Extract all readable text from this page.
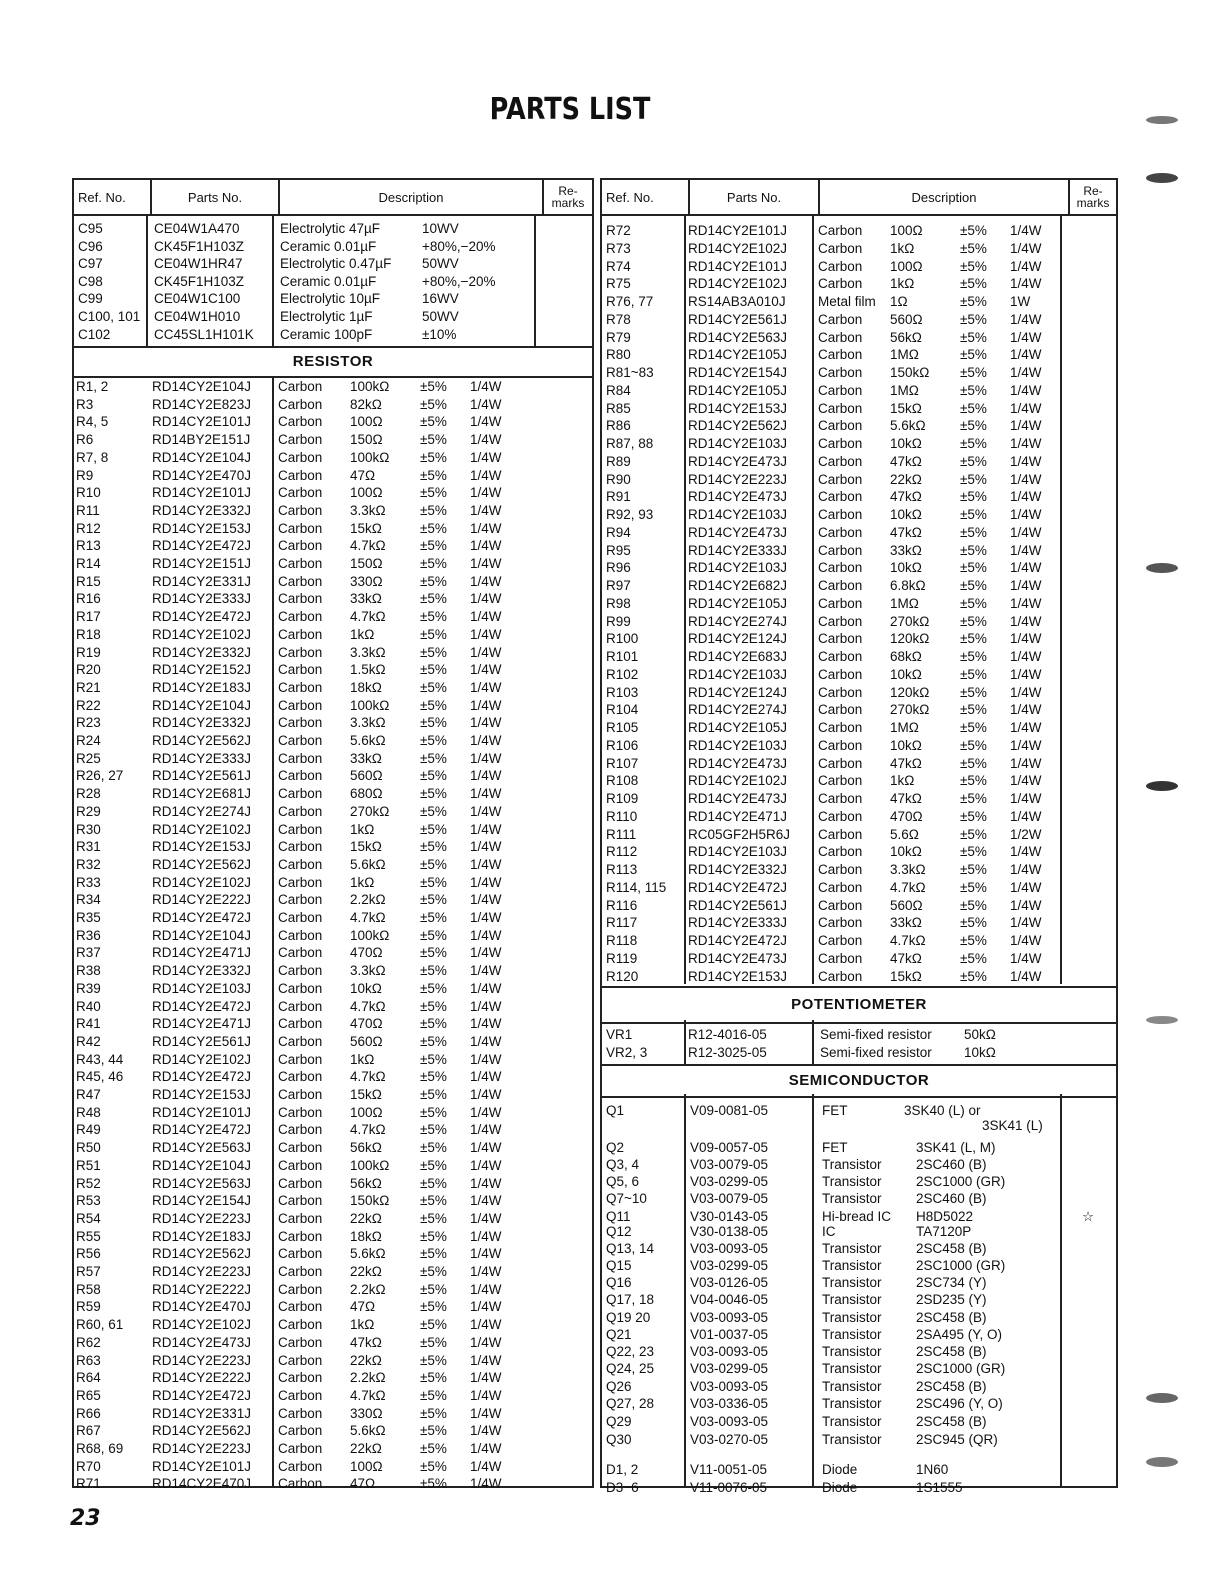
PARTS LIST
Ref. No.	Parts No.	Description	Re-
marks
C95	CE04W1A470	Electrolytic 47µF	10WV
C96	CK45F1H103Z	Ceramic 0.01µF	+80%,−20%
C97	CE04W1HR47	Electrolytic 0.47µF 50WV
C98	CK45F1H103Z	Ceramic 0.01µF	+80%,−20%
C99	CE04W1C100	Electrolytic 10µF	16WV
C100, 101 CE04W1H010	Electrolytic 1µF	50WV
C102	CC45SL1H101K Ceramic 100pF	±10%
RESISTOR
R1, 2	RD14CY2E104J Carbon 100kΩ ±5% 1/4W
R3	RD14CY2E823J Carbon 82kΩ	±5% 1/4W
R4, 5	RD14CY2E101J Carbon 100Ω	±5% 1/4W
R6	RD14BY2E151J Carbon 150Ω	±5% 1/4W
R7, 8	RD14CY2E104J Carbon 100kΩ ±5% 1/4W
R9	RD14CY2E470J Carbon 47Ω	±5% 1/4W
R10	RD14CY2E101J Carbon 100Ω	±5% 1/4W
R11	RD14CY2E332J Carbon 3.3kΩ	±5% 1/4W
R12	RD14CY2E153J Carbon 15kΩ	±5% 1/4W
R13	RD14CY2E472J Carbon 4.7kΩ	±5% 1/4W
R14	RD14CY2E151J Carbon 150Ω	±5% 1/4W
R15	RD14CY2E331J Carbon 330Ω	±5% 1/4W
R16	RD14CY2E333J Carbon 33kΩ	±5% 1/4W
R17	RD14CY2E472J Carbon 4.7kΩ	±5% 1/4W
R18	RD14CY2E102J Carbon 1kΩ	±5% 1/4W
R19	RD14CY2E332J Carbon 3.3kΩ	±5% 1/4W
R20	RD14CY2E152J Carbon 1.5kΩ	±5% 1/4W
R21	RD14CY2E183J Carbon 18kΩ	±5% 1/4W
R22	RD14CY2E104J Carbon 100kΩ ±5% 1/4W
R23	RD14CY2E332J Carbon 3.3kΩ	±5% 1/4W
R24	RD14CY2E562J Carbon 5.6kΩ	±5% 1/4W
R25	RD14CY2E333J Carbon 33kΩ	±5% 1/4W
R26, 27 RD14CY2E561J Carbon 560Ω	±5% 1/4W
R28	RD14CY2E681J Carbon 680Ω	±5% 1/4W
R29	RD14CY2E274J Carbon 270kΩ ±5% 1/4W
R30	RD14CY2E102J Carbon 1kΩ	±5% 1/4W
R31	RD14CY2E153J Carbon 15kΩ	±5% 1/4W
R32	RD14CY2E562J Carbon 5.6kΩ	±5% 1/4W
R33	RD14CY2E102J Carbon 1kΩ	±5% 1/4W
R34	RD14CY2E222J Carbon 2.2kΩ	±5% 1/4W
R35	RD14CY2E472J Carbon 4.7kΩ	±5% 1/4W
R36	RD14CY2E104J Carbon 100kΩ ±5% 1/4W
R37	RD14CY2E471J Carbon 470Ω	±5% 1/4W
R38	RD14CY2E332J Carbon 3.3kΩ	±5% 1/4W
R39	RD14CY2E103J Carbon 10kΩ	±5% 1/4W
R40	RD14CY2E472J Carbon 4.7kΩ	±5% 1/4W
R41	RD14CY2E471J Carbon 470Ω	±5% 1/4W
R42	RD14CY2E561J Carbon 560Ω	±5% 1/4W
R43, 44 RD14CY2E102J Carbon 1kΩ	±5% 1/4W
R45, 46 RD14CY2E472J Carbon 4.7kΩ	±5% 1/4W
R47	RD14CY2E153J Carbon 15kΩ	±5% 1/4W
R48	RD14CY2E101J Carbon 100Ω	±5% 1/4W
R49	RD14CY2E472J Carbon 4.7kΩ	±5% 1/4W
R50	RD14CY2E563J Carbon 56kΩ	±5% 1/4W
R51	RD14CY2E104J Carbon 100kΩ ±5% 1/4W
R52	RD14CY2E563J Carbon 56kΩ	±5% 1/4W
R53	RD14CY2E154J Carbon 150kΩ ±5% 1/4W
R54	RD14CY2E223J Carbon 22kΩ	±5% 1/4W
R55	RD14CY2E183J Carbon 18kΩ	±5% 1/4W
R56	RD14CY2E562J Carbon 5.6kΩ	±5% 1/4W
R57	RD14CY2E223J Carbon 22kΩ	±5% 1/4W
R58	RD14CY2E222J Carbon 2.2kΩ	±5% 1/4W
R59	RD14CY2E470J Carbon 47Ω	±5% 1/4W
R60, 61 RD14CY2E102J Carbon 1kΩ	±5% 1/4W
R62	RD14CY2E473J Carbon 47kΩ	±5% 1/4W
R63	RD14CY2E223J Carbon 22kΩ	±5% 1/4W
R64	RD14CY2E222J Carbon 2.2kΩ	±5% 1/4W
R65	RD14CY2E472J Carbon 4.7kΩ	±5% 1/4W
R66	RD14CY2E331J Carbon 330Ω	±5% 1/4W
R67	RD14CY2E562J Carbon 5.6kΩ	±5% 1/4W
R68, 69 RD14CY2E223J Carbon 22kΩ	±5% 1/4W
R70	RD14CY2E101J Carbon 100Ω	±5% 1/4W
R71	RD14CY2E470J Carbon 47Ω	±5% 1/4W
Ref. No.	Parts No.	Description	Re-
marks
R72	RD14CY2E101J Carbon 100Ω	±5% 1/4W
R73	RD14CY2E102J Carbon 1kΩ	±5% 1/4W
R74	RD14CY2E101J Carbon 100Ω	±5% 1/4W
R75	RD14CY2E102J Carbon 1kΩ	±5% 1/4W
R76, 77	RS14AB3A010J Metal film 1Ω	±5% 1W
R78	RD14CY2E561J Carbon 560Ω	±5% 1/4W
R79	RD14CY2E563J Carbon 56kΩ	±5% 1/4W
R80	RD14CY2E105J Carbon 1MΩ	±5% 1/4W
R81~83	RD14CY2E154J Carbon 150kΩ ±5% 1/4W
R84	RD14CY2E105J Carbon 1MΩ	±5% 1/4W
R85	RD14CY2E153J Carbon 15kΩ	±5% 1/4W
R86	RD14CY2E562J Carbon 5.6kΩ	±5% 1/4W
R87, 88	RD14CY2E103J Carbon 10kΩ	±5% 1/4W
R89	RD14CY2E473J Carbon 47kΩ	±5% 1/4W
R90	RD14CY2E223J Carbon 22kΩ	±5% 1/4W
R91	RD14CY2E473J Carbon 47kΩ	±5% 1/4W
R92, 93	RD14CY2E103J Carbon 10kΩ	±5% 1/4W
R94	RD14CY2E473J Carbon 47kΩ	±5% 1/4W
R95	RD14CY2E333J Carbon 33kΩ	±5% 1/4W
R96	RD14CY2E103J Carbon 10kΩ	±5% 1/4W
R97	RD14CY2E682J Carbon 6.8kΩ	±5% 1/4W
R98	RD14CY2E105J Carbon 1MΩ	±5% 1/4W
R99	RD14CY2E274J Carbon 270kΩ ±5% 1/4W
R100	RD14CY2E124J Carbon 120kΩ ±5% 1/4W
R101	RD14CY2E683J Carbon 68kΩ	±5% 1/4W
R102	RD14CY2E103J Carbon 10kΩ	±5% 1/4W
R103	RD14CY2E124J Carbon 120kΩ ±5% 1/4W
R104	RD14CY2E274J Carbon 270kΩ ±5% 1/4W
R105	RD14CY2E105J Carbon 1MΩ	±5% 1/4W
R106	RD14CY2E103J Carbon 10kΩ	±5% 1/4W
R107	RD14CY2E473J Carbon 47kΩ	±5% 1/4W
R108	RD14CY2E102J Carbon 1kΩ	±5% 1/4W
R109	RD14CY2E473J Carbon 47kΩ	±5% 1/4W
R110	RD14CY2E471J Carbon 470Ω	±5% 1/4W
R111	RC05GF2H5R6J Carbon 5.6Ω	±5% 1/2W
R112	RD14CY2E103J Carbon 10kΩ	±5% 1/4W
R113	RD14CY2E332J Carbon 3.3kΩ	±5% 1/4W
R114, 115 RD14CY2E472J Carbon 4.7kΩ	±5% 1/4W
R116	RD14CY2E561J Carbon 560Ω	±5% 1/4W
R117	RD14CY2E333J Carbon 33kΩ	±5% 1/4W
R118	RD14CY2E472J Carbon 4.7kΩ	±5% 1/4W
R119	RD14CY2E473J Carbon 47kΩ	±5% 1/4W
R120	RD14CY2E153J Carbon 15kΩ	±5% 1/4W
POTENTIOMETER
VR1	R12-4016-05	Semi-fixed resistor 50kΩ
VR2, 3	R12-3025-05	Semi-fixed resistor 10kΩ
SEMICONDUCTOR
Q1	V09-0081-05	FET	3SK40 (L) or
3SK41 (L)
Q2	V09-0057-05	FET	3SK41 (L, M)
Q3, 4	V03-0079-05	Transistor	2SC460 (B)
Q5, 6	V03-0299-05	Transistor	2SC1000 (GR)
Q7~10	V03-0079-05	Transistor	2SC460 (B)
Q11	V30-0143-05	Hi-bread IC H8D5022	☆
Q12	V30-0138-05	IC	TA7120P
Q13, 14	V03-0093-05	Transistor	2SC458 (B)
Q15	V03-0299-05	Transistor	2SC1000 (GR)
Q16	V03-0126-05	Transistor	2SC734 (Y)
Q17, 18	V04-0046-05	Transistor	2SD235 (Y)
Q19 20	V03-0093-05	Transistor	2SC458 (B)
Q21	V01-0037-05	Transistor	2SA495 (Y, O)
Q22, 23	V03-0093-05	Transistor	2SC458 (B)
Q24, 25	V03-0299-05	Transistor	2SC1000 (GR)
Q26	V03-0093-05	Transistor	2SC458 (B)
Q27, 28	V03-0336-05	Transistor	2SC496 (Y, O)
Q29	V03-0093-05	Transistor	2SC458 (B)
Q30	V03-0270-05	Transistor	2SC945 (QR)
D1, 2	V11-0051-05	Diode	1N60
D3~6	V11-0076-05	Diode	1S1555
23
